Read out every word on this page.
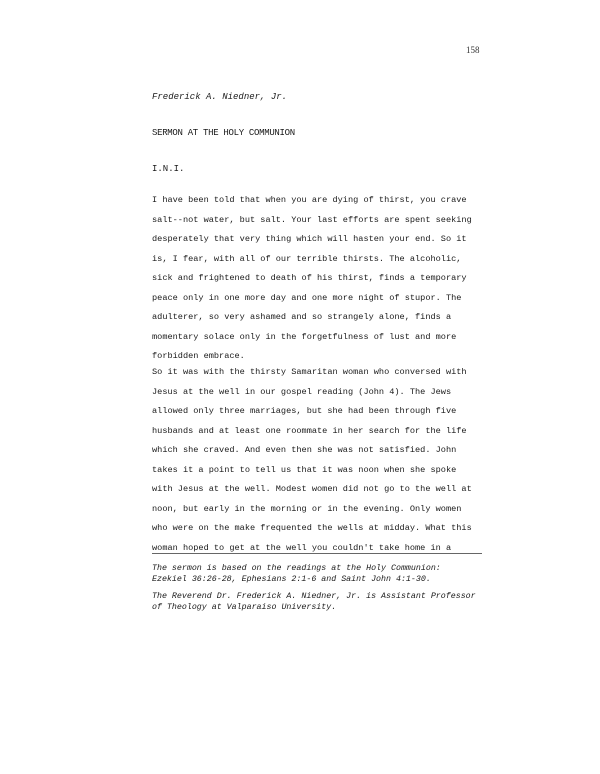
158
Frederick A. Niedner, Jr.
SERMON AT THE HOLY COMMUNION
I.N.I.
I have been told that when you are dying of thirst, you crave
salt--not water, but salt. Your last efforts are spent seeking
desperately that very thing which will hasten your end. So it
is, I fear, with all of our terrible thirsts. The alcoholic,
sick and frightened to death of his thirst, finds a temporary
peace only in one more day and one more night of stupor. The
adulterer, so very ashamed and so strangely alone, finds a
momentary solace only in the forgetfulness of lust and more
forbidden embrace.
So it was with the thirsty Samaritan woman who conversed with
Jesus at the well in our gospel reading (John 4). The Jews
allowed only three marriages, but she had been through five
husbands and at least one roommate in her search for the life
which she craved. And even then she was not satisfied. John
takes it a point to tell us that it was noon when she spoke
with Jesus at the well. Modest women did not go to the well at
noon, but early in the morning or in the evening. Only women
who were on the make frequented the wells at midday. What this
woman hoped to get at the well you couldn't take home in a
The sermon is based on the readings at the Holy Communion:
Ezekiel 36:26-28, Ephesians 2:1-6 and Saint John 4:1-30.
The Reverend Dr. Frederick A. Niedner, Jr. is Assistant Professor
of Theology at Valparaiso University.
